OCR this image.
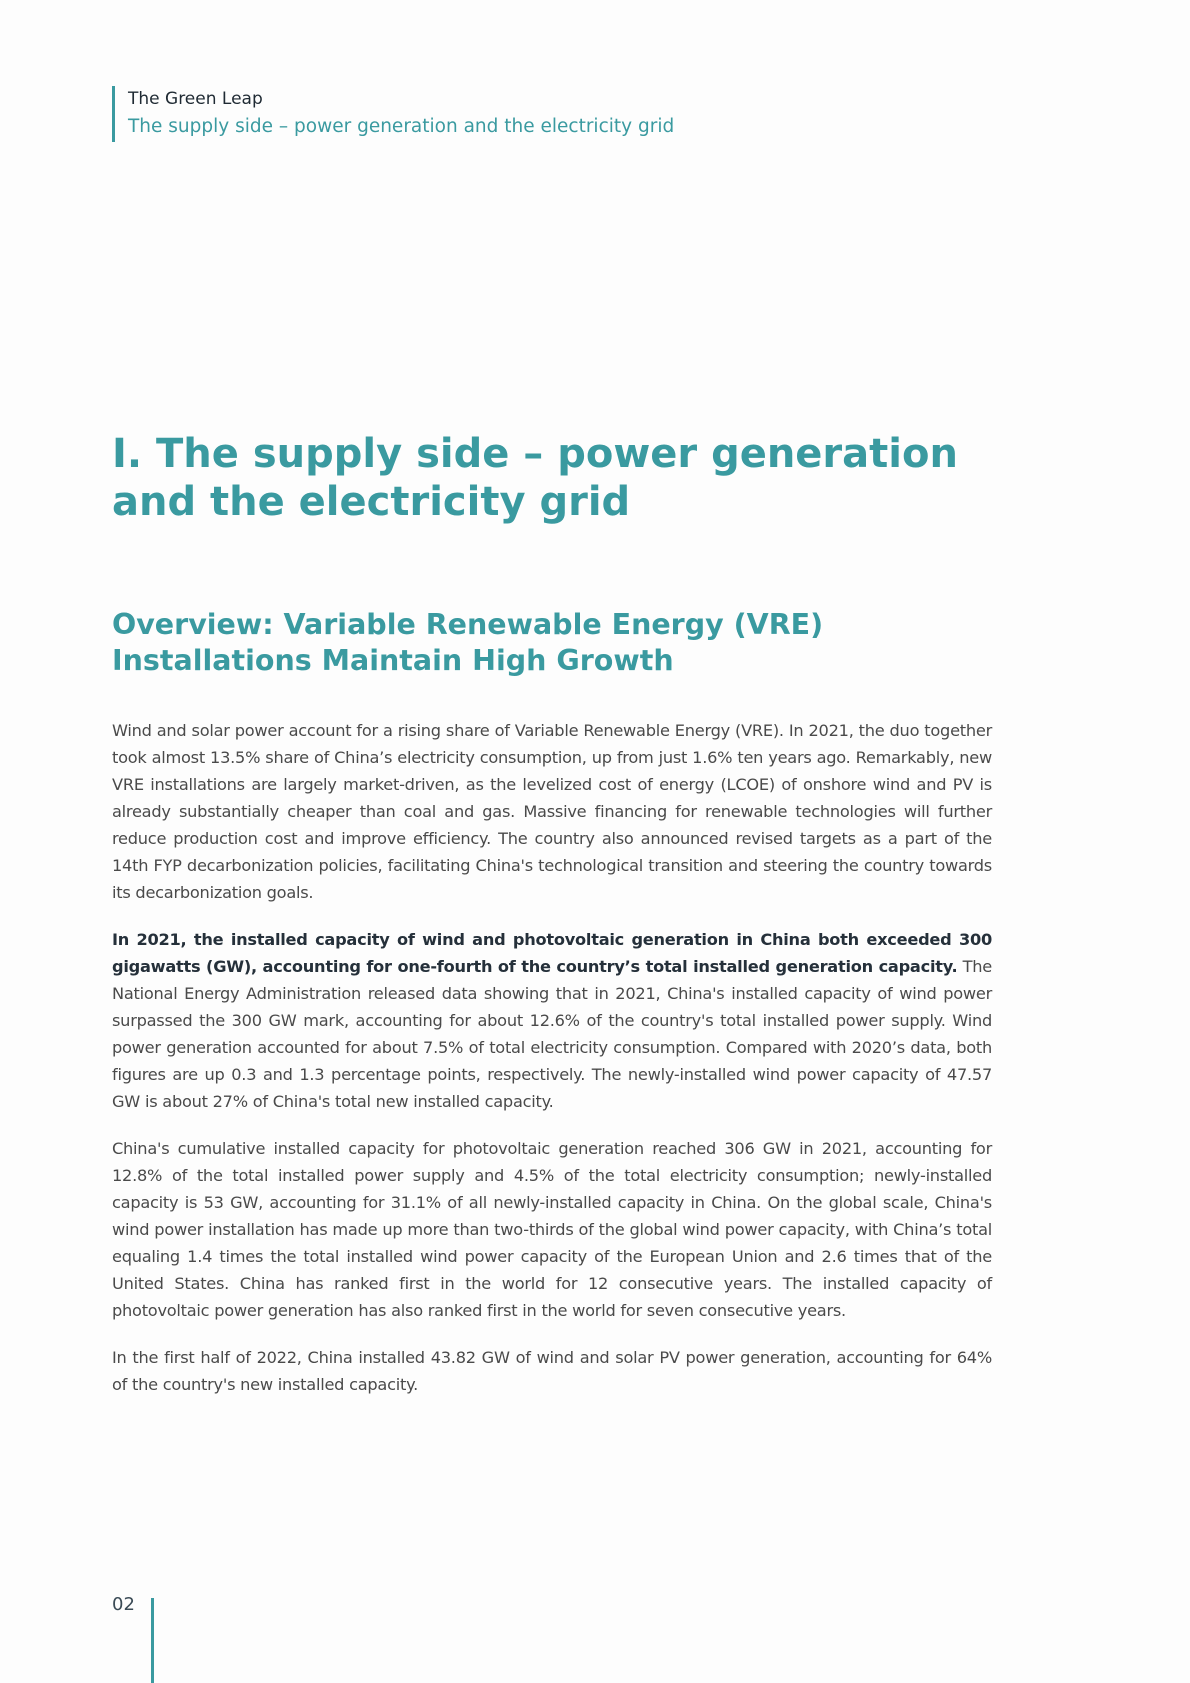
The Green Leap
The supply side – power generation and the electricity grid
I. The supply side – power generation and the electricity grid
Overview: Variable Renewable Energy (VRE) Installations Maintain High Growth

Wind and solar power account for a rising share of Variable Renewable Energy (VRE). In 2021, the duo together took almost 13.5% share of China’s electricity consumption, up from just 1.6% ten years ago. Remarkably, new VRE installations are largely market-driven, as the levelized cost of energy (LCOE) of onshore wind and PV is already substantially cheaper than coal and gas. Massive financing for renewable technologies will further reduce production cost and improve efficiency. The country also announced revised targets as a part of the 14th FYP decarbonization policies, facilitating China's technological transition and steering the country towards its decarbonization goals.

In 2021, the installed capacity of wind and photovoltaic generation in China both exceeded 300 gigawatts (GW), accounting for one-fourth of the country’s total installed generation capacity. The National Energy Administration released data showing that in 2021, China's installed capacity of wind power surpassed the 300 GW mark, accounting for about 12.6% of the country's total installed power supply. Wind power generation accounted for about 7.5% of total electricity consumption. Compared with 2020’s data, both figures are up 0.3 and 1.3 percentage points, respectively. The newly-installed wind power capacity of 47.57 GW is about 27% of China's total new installed capacity.

China's cumulative installed capacity for photovoltaic generation reached 306 GW in 2021, accounting for 12.8% of the total installed power supply and 4.5% of the total electricity consumption; newly-installed capacity is 53 GW, accounting for 31.1% of all newly-installed capacity in China. On the global scale, China's wind power installation has made up more than two-thirds of the global wind power capacity, with China’s total equaling 1.4 times the total installed wind power capacity of the European Union and 2.6 times that of the United States. China has ranked first in the world for 12 consecutive years. The installed capacity of photovoltaic power generation has also ranked first in the world for seven consecutive years.

In the first half of 2022, China installed 43.82 GW of wind and solar PV power generation, accounting for 64% of the country's new installed capacity.

02
